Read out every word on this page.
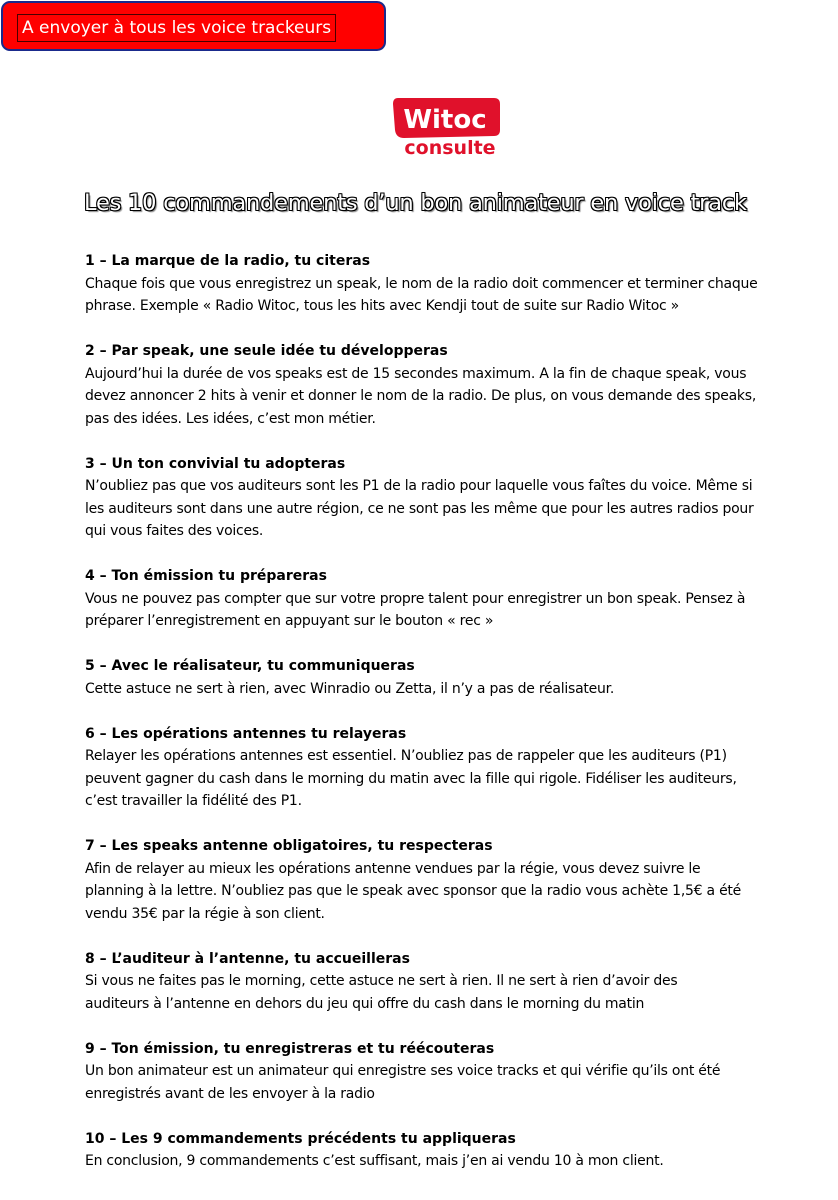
A envoyer à tous les voice trackeurs
Witoc
consulte
Les 10 commandements d’un bon animateur en voice track
1 – La marque de la radio, tu citeras
Chaque fois que vous enregistrez un speak, le nom de la radio doit commencer et terminer chaque
phrase. Exemple « Radio Witoc, tous les hits avec Kendji tout de suite sur Radio Witoc »
2 – Par speak, une seule idée tu développeras
Aujourd’hui la durée de vos speaks est de 15 secondes maximum. A la fin de chaque speak, vous
devez annoncer 2 hits à venir et donner le nom de la radio. De plus, on vous demande des speaks,
pas des idées. Les idées, c’est mon métier.
3 – Un ton convivial tu adopteras
N’oubliez pas que vos auditeurs sont les P1 de la radio pour laquelle vous faîtes du voice. Même si
les auditeurs sont dans une autre région, ce ne sont pas les même que pour les autres radios pour
qui vous faites des voices.
4 – Ton émission tu prépareras
Vous ne pouvez pas compter que sur votre propre talent pour enregistrer un bon speak. Pensez à
préparer l’enregistrement en appuyant sur le bouton « rec »
5 – Avec le réalisateur, tu communiqueras
Cette astuce ne sert à rien, avec Winradio ou Zetta, il n’y a pas de réalisateur.
6 – Les opérations antennes tu relayeras
Relayer les opérations antennes est essentiel. N’oubliez pas de rappeler que les auditeurs (P1)
peuvent gagner du cash dans le morning du matin avec la fille qui rigole. Fidéliser les auditeurs,
c’est travailler la fidélité des P1.
7 – Les speaks antenne obligatoires, tu respecteras
Afin de relayer au mieux les opérations antenne vendues par la régie, vous devez suivre le
planning à la lettre. N’oubliez pas que le speak avec sponsor que la radio vous achète 1,5€ a été
vendu 35€ par la régie à son client.
8 – L’auditeur à l’antenne, tu accueilleras
Si vous ne faites pas le morning, cette astuce ne sert à rien. Il ne sert à rien d’avoir des
auditeurs à l’antenne en dehors du jeu qui offre du cash dans le morning du matin
9 – Ton émission, tu enregistreras et tu réécouteras
Un bon animateur est un animateur qui enregistre ses voice tracks et qui vérifie qu’ils ont été
enregistrés avant de les envoyer à la radio
10 – Les 9 commandements précédents tu appliqueras
En conclusion, 9 commandements c’est suffisant, mais j’en ai vendu 10 à mon client.
